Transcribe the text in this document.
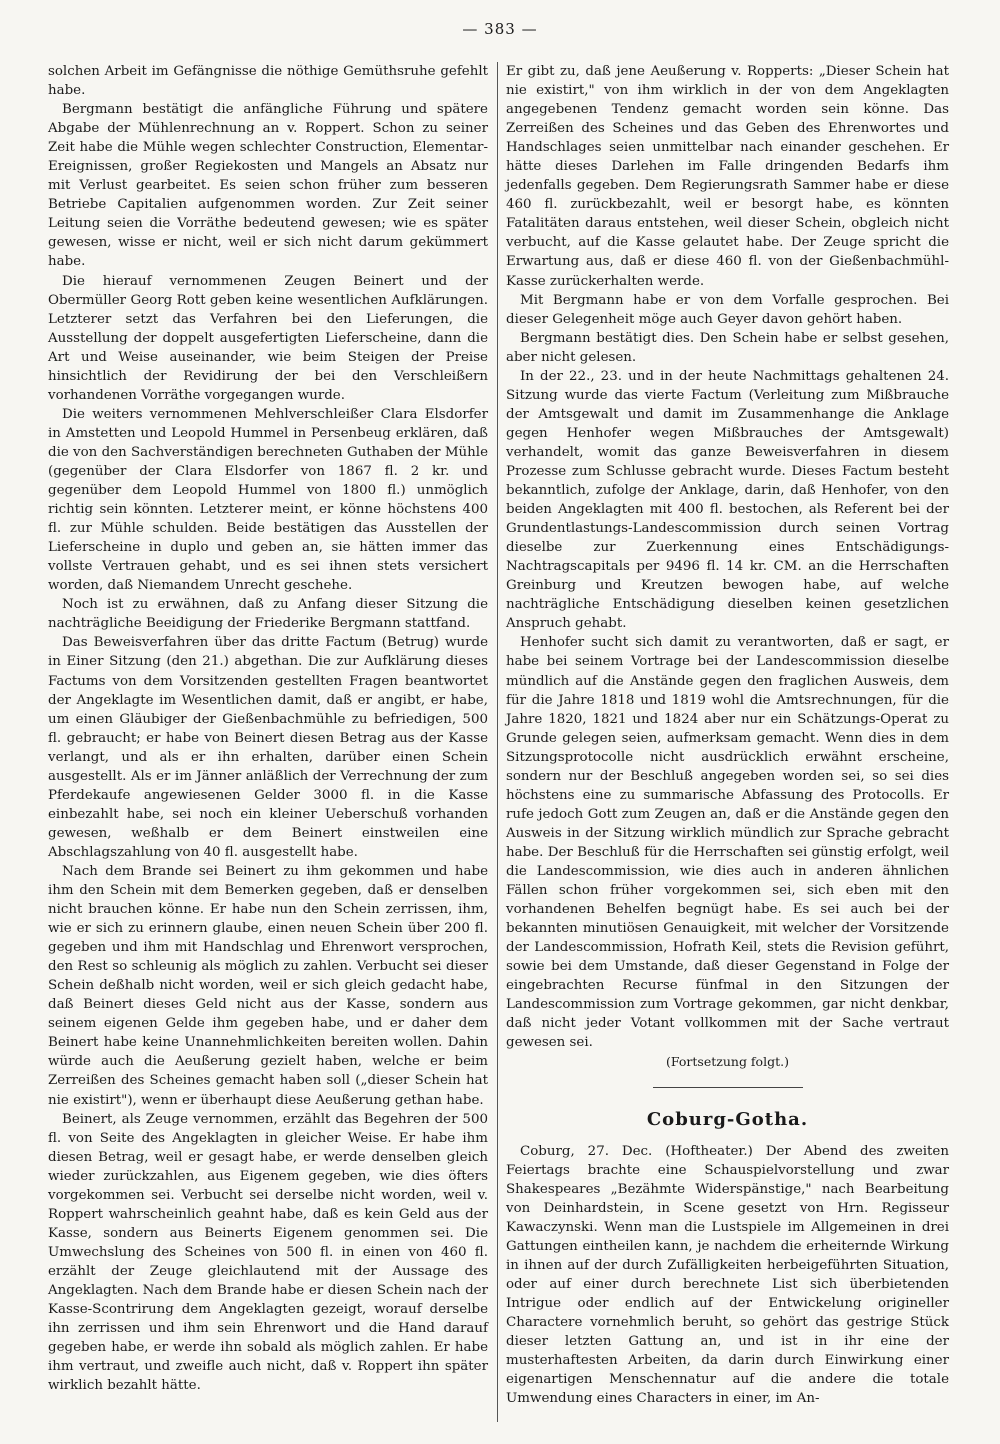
— 383 —

solchen Arbeit im Gefängnisse die nöthige Gemüthsruhe gefehlt habe.

Bergmann bestätigt die anfängliche Führung und spätere Abgabe der Mühlenrechnung an v. Roppert. Schon zu seiner Zeit habe die Mühle wegen schlechter Construction, Elementar-Ereignissen, großer Regiekosten und Mangels an Absatz nur mit Verlust gearbeitet. Es seien schon früher zum besseren Betriebe Capitalien aufgenommen worden. Zur Zeit seiner Leitung seien die Vorräthe bedeutend gewesen; wie es später gewesen, wisse er nicht, weil er sich nicht darum gekümmert habe.

Die hierauf vernommenen Zeugen Beinert und der Obermüller Georg Rott geben keine wesentlichen Aufklärungen. Letzterer setzt das Verfahren bei den Lieferungen, die Ausstellung der doppelt ausgefertigten Lieferscheine, dann die Art und Weise auseinander, wie beim Steigen der Preise hinsichtlich der Revidirung der bei den Verschleißern vorhandenen Vorräthe vorgegangen wurde.

Die weiters vernommenen Mehlverschleißer Clara Elsdorfer in Amstetten und Leopold Hummel in Persenbeug erklären, daß die von den Sachverständigen berechneten Guthaben der Mühle (gegenüber der Clara Elsdorfer von 1867 fl. 2 kr. und gegenüber dem Leopold Hummel von 1800 fl.) unmöglich richtig sein könnten. Letzterer meint, er könne höchstens 400 fl. zur Mühle schulden. Beide bestätigen das Ausstellen der Lieferscheine in duplo und geben an, sie hätten immer das vollste Vertrauen gehabt, und es sei ihnen stets versichert worden, daß Niemandem Unrecht geschehe.

Noch ist zu erwähnen, daß zu Anfang dieser Sitzung die nachträgliche Beeidigung der Friederike Bergmann stattfand.

Das Beweisverfahren über das dritte Factum (Betrug) wurde in Einer Sitzung (den 21.) abgethan. Die zur Aufklärung dieses Factums von dem Vorsitzenden gestellten Fragen beantwortet der Angeklagte im Wesentlichen damit, daß er angibt, er habe, um einen Gläubiger der Gießenbachmühle zu befriedigen, 500 fl. gebraucht; er habe von Beinert diesen Betrag aus der Kasse verlangt, und als er ihn erhalten, darüber einen Schein ausgestellt. Als er im Jänner anläßlich der Verrechnung der zum Pferdekaufe angewiesenen Gelder 3000 fl. in die Kasse einbezahlt habe, sei noch ein kleiner Ueberschuß vorhanden gewesen, weßhalb er dem Beinert einstweilen eine Abschlagszahlung von 40 fl. ausgestellt habe.

Nach dem Brande sei Beinert zu ihm gekommen und habe ihm den Schein mit dem Bemerken gegeben, daß er denselben nicht brauchen könne. Er habe nun den Schein zerrissen, ihm, wie er sich zu erinnern glaube, einen neuen Schein über 200 fl. gegeben und ihm mit Handschlag und Ehrenwort versprochen, den Rest so schleunig als möglich zu zahlen. Verbucht sei dieser Schein deßhalb nicht worden, weil er sich gleich gedacht habe, daß Beinert dieses Geld nicht aus der Kasse, sondern aus seinem eigenen Gelde ihm gegeben habe, und er daher dem Beinert habe keine Unannehmlichkeiten bereiten wollen. Dahin würde auch die Aeußerung gezielt haben, welche er beim Zerreißen des Scheines gemacht haben soll („dieser Schein hat nie existirt"), wenn er überhaupt diese Aeußerung gethan habe.

Beinert, als Zeuge vernommen, erzählt das Begehren der 500 fl. von Seite des Angeklagten in gleicher Weise. Er habe ihm diesen Betrag, weil er gesagt habe, er werde denselben gleich wieder zurückzahlen, aus Eigenem gegeben, wie dies öfters vorgekommen sei. Verbucht sei derselbe nicht worden, weil v. Roppert wahrscheinlich geahnt habe, daß es kein Geld aus der Kasse, sondern aus Beinerts Eigenem genommen sei. Die Umwechslung des Scheines von 500 fl. in einen von 460 fl. erzählt der Zeuge gleichlautend mit der Aussage des Angeklagten. Nach dem Brande habe er diesen Schein nach der Kasse-Scontrirung dem Angeklagten gezeigt, worauf derselbe ihn zerrissen und ihm sein Ehrenwort und die Hand darauf gegeben habe, er werde ihn sobald als möglich zahlen. Er habe ihm vertraut, und zweifle auch nicht, daß v. Roppert ihn später wirklich bezahlt hätte.

Er gibt zu, daß jene Aeußerung v. Ropperts: „Dieser Schein hat nie existirt," von ihm wirklich in der von dem Angeklagten angegebenen Tendenz gemacht worden sein könne. Das Zerreißen des Scheines und das Geben des Ehrenwortes und Handschlages seien unmittelbar nach einander geschehen. Er hätte dieses Darlehen im Falle dringenden Bedarfs ihm jedenfalls gegeben. Dem Regierungsrath Sammer habe er diese 460 fl. zurückbezahlt, weil er besorgt habe, es könnten Fatalitäten daraus entstehen, weil dieser Schein, obgleich nicht verbucht, auf die Kasse gelautet habe. Der Zeuge spricht die Erwartung aus, daß er diese 460 fl. von der Gießenbachmühl-Kasse zurückerhalten werde.

Mit Bergmann habe er von dem Vorfalle gesprochen. Bei dieser Gelegenheit möge auch Geyer davon gehört haben.

Bergmann bestätigt dies. Den Schein habe er selbst gesehen, aber nicht gelesen.

In der 22., 23. und in der heute Nachmittags gehaltenen 24. Sitzung wurde das vierte Factum (Verleitung zum Mißbrauche der Amtsgewalt und damit im Zusammenhange die Anklage gegen Henhofer wegen Mißbrauches der Amtsgewalt) verhandelt, womit das ganze Beweisverfahren in diesem Prozesse zum Schlusse gebracht wurde. Dieses Factum besteht bekanntlich, zufolge der Anklage, darin, daß Henhofer, von den beiden Angeklagten mit 400 fl. bestochen, als Referent bei der Grundentlastungs-Landescommission durch seinen Vortrag dieselbe zur Zuerkennung eines Entschädigungs-Nachtragscapitals per 9496 fl. 14 kr. CM. an die Herrschaften Greinburg und Kreutzen bewogen habe, auf welche nachträgliche Entschädigung dieselben keinen gesetzlichen Anspruch gehabt.

Henhofer sucht sich damit zu verantworten, daß er sagt, er habe bei seinem Vortrage bei der Landescommission dieselbe mündlich auf die Anstände gegen den fraglichen Ausweis, dem für die Jahre 1818 und 1819 wohl die Amtsrechnungen, für die Jahre 1820, 1821 und 1824 aber nur ein Schätzungs-Operat zu Grunde gelegen seien, aufmerksam gemacht. Wenn dies in dem Sitzungsprotocolle nicht ausdrücklich erwähnt erscheine, sondern nur der Beschluß angegeben worden sei, so sei dies höchstens eine zu summarische Abfassung des Protocolls. Er rufe jedoch Gott zum Zeugen an, daß er die Anstände gegen den Ausweis in der Sitzung wirklich mündlich zur Sprache gebracht habe. Der Beschluß für die Herrschaften sei günstig erfolgt, weil die Landescommission, wie dies auch in anderen ähnlichen Fällen schon früher vorgekommen sei, sich eben mit den vorhandenen Behelfen begnügt habe. Es sei auch bei der bekannten minutiösen Genauigkeit, mit welcher der Vorsitzende der Landescommission, Hofrath Keil, stets die Revision geführt, sowie bei dem Umstande, daß dieser Gegenstand in Folge der eingebrachten Recurse fünfmal in den Sitzungen der Landescommission zum Vortrage gekommen, gar nicht denkbar, daß nicht jeder Votant vollkommen mit der Sache vertraut gewesen sei.

(Fortsetzung folgt.)

Coburg-Gotha.

Coburg, 27. Dec. (Hoftheater.) Der Abend des zweiten Feiertags brachte eine Schauspielvorstellung und zwar Shakespeares „Bezähmte Widerspänstige," nach Bearbeitung von Deinhardstein, in Scene gesetzt von Hrn. Regisseur Kawaczynski. Wenn man die Lustspiele im Allgemeinen in drei Gattungen eintheilen kann, je nachdem die erheiternde Wirkung in ihnen auf der durch Zufälligkeiten herbeigeführten Situation, oder auf einer durch berechnete List sich überbietenden Intrigue oder endlich auf der Entwickelung origineller Charactere vornehmlich beruht, so gehört das gestrige Stück dieser letzten Gattung an, und ist in ihr eine der musterhaftesten Arbeiten, da darin durch Einwirkung einer eigenartigen Menschennatur auf die andere die totale Umwendung eines Characters in einer, im An-
